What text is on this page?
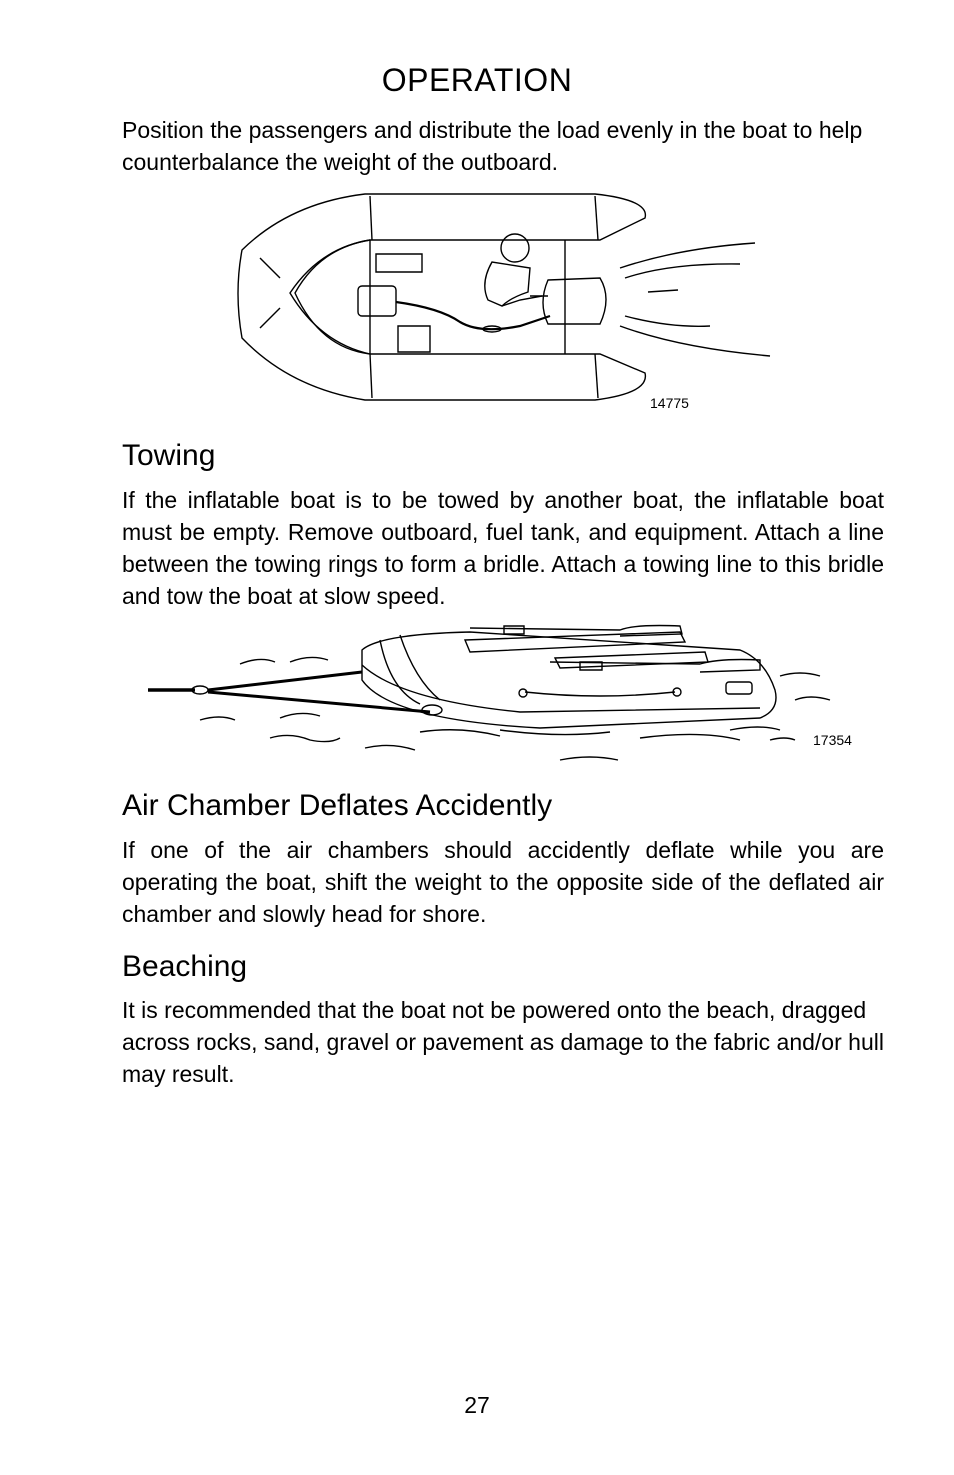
OPERATION

Position the passengers and distribute the load evenly in the boat to help counterbalance the weight of the outboard.

14775
Towing

If the inflatable boat is to be towed by another boat, the inflatable boat must be empty. Remove outboard, fuel tank, and equipment. Attach a line between the towing rings to form a bridle. Attach a towing line to this bridle and tow the boat at slow speed.

17354
Air Chamber Deflates Accidently

If one of the air chambers should accidently deflate while you are operating the boat, shift the weight to the opposite side of the deflated air chamber and slowly head for shore.

Beaching

It is recommended that the boat not be powered onto the beach, dragged across rocks, sand, gravel or pavement as damage to the fabric and/or hull may result.

27
